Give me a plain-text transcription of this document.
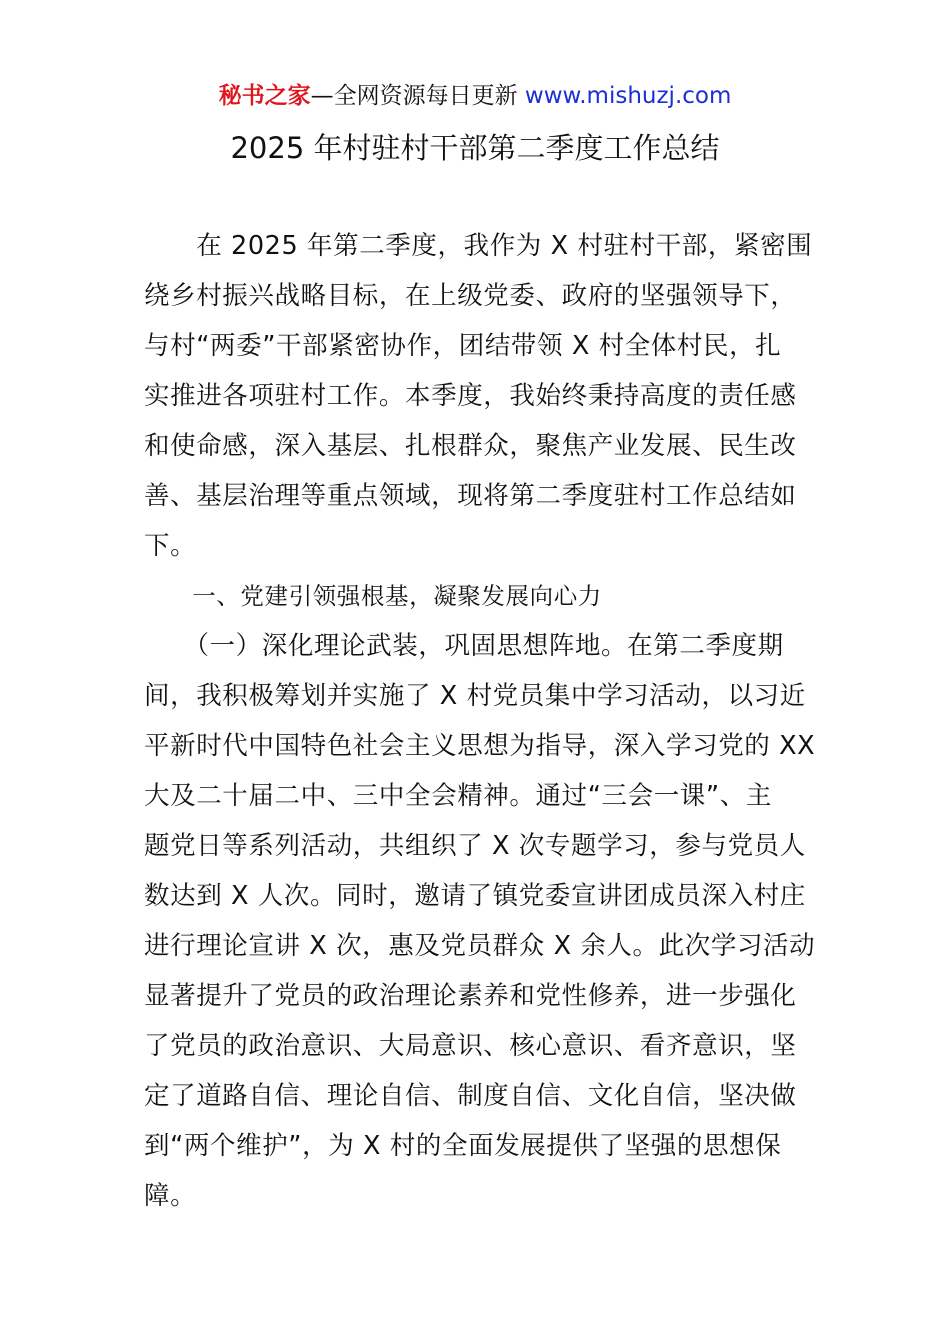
秘书之家—全网资源每日更新 www.mishuzj.com
2025 年村驻村干部第二季度工作总结
　　在 2025 年第二季度，我作为 X 村驻村干部，紧密围
绕乡村振兴战略目标，在上级党委、政府的坚强领导下，
与村“两委”干部紧密协作，团结带领 X 村全体村民，扎
实推进各项驻村工作。本季度，我始终秉持高度的责任感
和使命感，深入基层、扎根群众，聚焦产业发展、民生改
善、基层治理等重点领域，现将第二季度驻村工作总结如
下。
　　一、党建引领强根基，凝聚发展向心力
　　（一）深化理论武装，巩固思想阵地。在第二季度期
间，我积极筹划并实施了 X 村党员集中学习活动，以习近
平新时代中国特色社会主义思想为指导，深入学习党的 XX
大及二十届二中、三中全会精神。通过“三会一课”、主
题党日等系列活动，共组织了 X 次专题学习，参与党员人
数达到 X 人次。同时，邀请了镇党委宣讲团成员深入村庄
进行理论宣讲 X 次，惠及党员群众 X 余人。此次学习活动
显著提升了党员的政治理论素养和党性修养，进一步强化
了党员的政治意识、大局意识、核心意识、看齐意识，坚
定了道路自信、理论自信、制度自信、文化自信，坚决做
到“两个维护”，为 X 村的全面发展提供了坚强的思想保
障。
